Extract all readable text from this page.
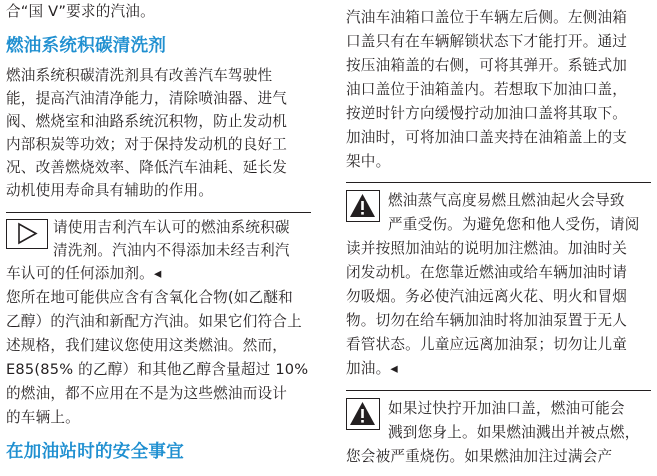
合“国 V”要求的汽油。
燃油系统积碳清洗剂
燃油系统积碳清洗剂具有改善汽车驾驶性
能，提高汽油清净能力，清除喷油器、进气
阀、燃烧室和油路系统沉积物，防止发动机
内部积炭等功效；对于保持发动机的良好工
况、改善燃烧效率、降低汽车油耗、延长发
动机使用寿命具有辅助的作用。
请使用吉利汽车认可的燃油系统积碳
清洗剂。汽油内不得添加未经吉利汽
车认可的任何添加剂。◂
您所在地可能供应含有含氧化合物(如乙醚和
乙醇）的汽油和新配方汽油。如果它们符合上
述规格，我们建议您使用这类燃油。然而，
E85(85% 的乙醇）和其他乙醇含量超过 10%
的燃油，都不应用在不是为这些燃油而设计
的车辆上。
在加油站时的安全事宜
汽油车油箱口盖位于车辆左后侧。左侧油箱
口盖只有在车辆解锁状态下才能打开。通过
按压油箱盖的右侧，可将其弹开。系链式加
油口盖位于油箱盖内。若想取下加油口盖，
按逆时针方向缓慢拧动加油口盖将其取下。
加油时，可将加油口盖夹持在油箱盖上的支
架中。
燃油蒸气高度易燃且燃油起火会导致
严重受伤。为避免您和他人受伤，请阅
读并按照加油站的说明加注燃油。加油时关
闭发动机。在您靠近燃油或给车辆加油时请
勿吸烟。务必使汽油远离火花、明火和冒烟
物。切勿在给车辆加油时将加油泵置于无人
看管状态。儿童应远离加油泵；切勿让儿童
加油。◂
如果过快拧开加油口盖，燃油可能会
溅到您身上。如果燃油溅出并被点燃，
您会被严重烧伤。如果燃油加注过满会产
